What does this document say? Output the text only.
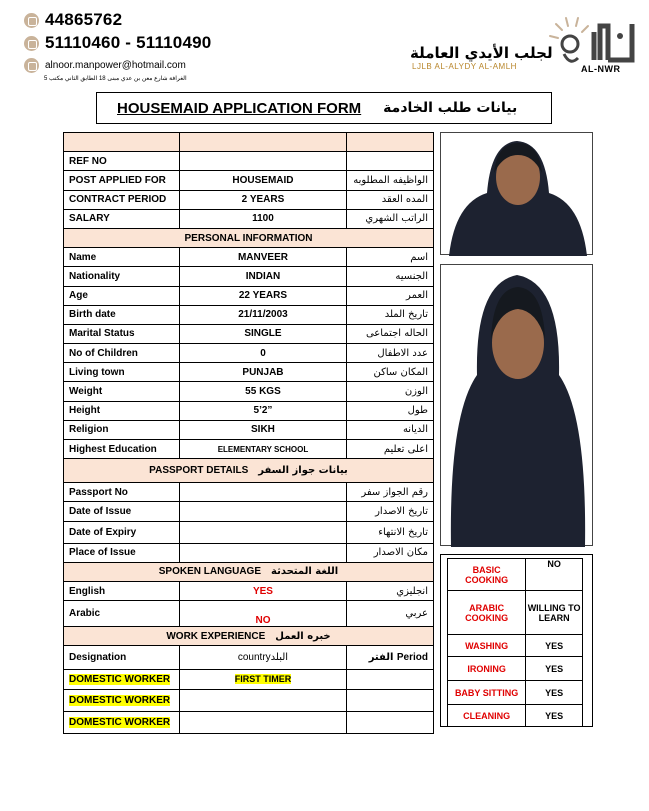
44865762
51110460 - 51110490
alnoor.manpower@hotmail.com
الغرافة شارع معن بن عدي مبنى 18 الطابق الثاني مكتب 5
لجلب الأيدي العاملة
LJLB AL-ALYDY AL-AMLH	AL-NWR
HOUSEMAID APPLICATION FORM بيانات طلب الخادمة

REF NO		
POST APPLIED FOR	HOUSEMAID	الواظيفه المطلوبه
CONTRACT PERIOD	2 YEARS	المده العقد
SALARY	1100	الراتب الشهري
PERSONAL INFORMATION		
Name	MANVEER	اسم
Nationality	INDIAN	الجنسيه
Age	22 YEARS	العمر
Birth date	21/11/2003	تاريخ الملد
Marital Status	SINGLE	الحاله اجتماعى
No of Children	0	عدد الاطفال
Living town	PUNJAB	المكان ساكن
Weight	55 KGS	الوزن
Height	5’2”	طول
Religion	SIKH	الديانه
Highest Education	ELEMENTARY SCHOOL	اعلى تعليم
PASSPORT DETAILS بيانات جواز السفر		
Passport No		رقم الجواز سفر
Date of Issue		تاريخ الاصدار
Date of Expiry		تاريخ الانتهاء
Place of Issue		مكان الاصدار
SPOKEN LANGUAGE اللغة المتحدثة		
English	YES	انجليزي
Arabic	NO	عربي
WORK EXPERIENCE خبره العمل		
Designation	countryالبلد	الفتر Period
DOMESTIC WORKER	FIRST TIMER	
DOMESTIC WORKER		
DOMESTIC WORKER		
BASIC COOKING	NO
ARABIC COOKING	WILLING TO LEARN
WASHING	YES
IRONING	YES
BABY SITTING	YES
CLEANING	YES
